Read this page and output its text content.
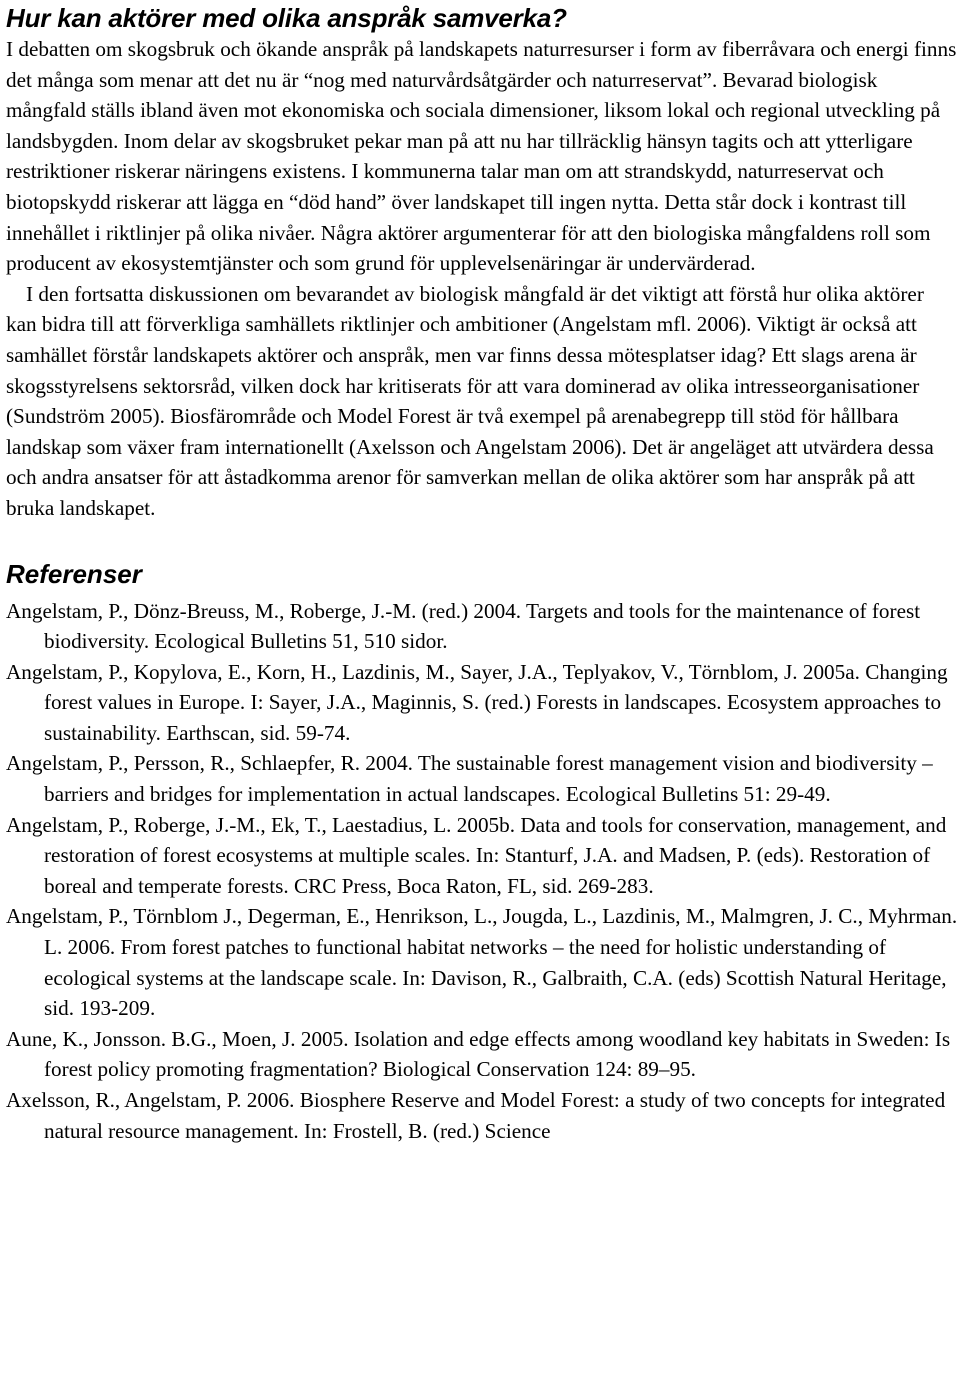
Hur kan aktörer med olika anspråk samverka?

I debatten om skogsbruk och ökande anspråk på landskapets naturresurser i form av fiberråvara och energi finns det många som menar att det nu är “nog med naturvårdsåtgärder och naturreservat”. Bevarad biologisk mångfald ställs ibland även mot ekonomiska och sociala dimensioner, liksom lokal och regional utveckling på landsbygden. Inom delar av skogsbruket pekar man på att nu har tillräcklig hänsyn tagits och att ytterligare restriktioner riskerar näringens existens. I kommunerna talar man om att strandskydd, naturreservat och biotopskydd riskerar att lägga en “död hand” över landskapet till ingen nytta. Detta står dock i kontrast till innehållet i riktlinjer på olika nivåer. Några aktörer argumenterar för att den biologiska mångfaldens roll som producent av ekosystemtjänster och som grund för upplevelsenäringar är undervärderad.

I den fortsatta diskussionen om bevarandet av biologisk mångfald är det viktigt att förstå hur olika aktörer kan bidra till att förverkliga samhällets riktlinjer och ambitioner (Angelstam mfl. 2006). Viktigt är också att samhället förstår landskapets aktörer och anspråk, men var finns dessa mötesplatser idag? Ett slags arena är skogsstyrelsens sektorsråd, vilken dock har kritiserats för att vara dominerad av olika intresseorganisationer (Sundström 2005). Biosfärområde och Model Forest är två exempel på arenabegrepp till stöd för hållbara landskap som växer fram internationellt (Axelsson och Angelstam 2006). Det är angeläget att utvärdera dessa och andra ansatser för att åstadkomma arenor för samverkan mellan de olika aktörer som har anspråk på att bruka landskapet.

Referenser
Angelstam, P., Dönz-Breuss, M., Roberge, J.-M. (red.) 2004. Targets and tools for the maintenance of forest biodiversity. Ecological Bulletins 51, 510 sidor.
Angelstam, P., Kopylova, E., Korn, H., Lazdinis, M., Sayer, J.A., Teplyakov, V., Törnblom, J. 2005a. Changing forest values in Europe. I: Sayer, J.A., Maginnis, S. (red.) Forests in landscapes. Ecosystem approaches to sustainability. Earthscan, sid. 59-74.
Angelstam, P., Persson, R., Schlaepfer, R. 2004. The sustainable forest management vision and biodiversity – barriers and bridges for implementation in actual landscapes. Ecological Bulletins 51: 29-49.
Angelstam, P., Roberge, J.-M., Ek, T., Laestadius, L. 2005b. Data and tools for conservation, management, and restoration of forest ecosystems at multiple scales. In: Stanturf, J.A. and Madsen, P. (eds). Restoration of boreal and temperate forests. CRC Press, Boca Raton, FL, sid. 269-283.
Angelstam, P., Törnblom J., Degerman, E., Henrikson, L., Jougda, L., Lazdinis, M., Malmgren, J. C., Myhrman. L. 2006. From forest patches to functional habitat networks – the need for holistic understanding of ecological systems at the landscape scale. In: Davison, R., Galbraith, C.A. (eds) Scottish Natural Heritage, sid. 193-209.
Aune, K., Jonsson. B.G., Moen, J. 2005. Isolation and edge effects among woodland key habitats in Sweden: Is forest policy promoting fragmentation? Biological Conservation 124: 89–95.
Axelsson, R., Angelstam, P. 2006. Biosphere Reserve and Model Forest: a study of two concepts for integrated natural resource management. In: Frostell, B. (red.) Science
